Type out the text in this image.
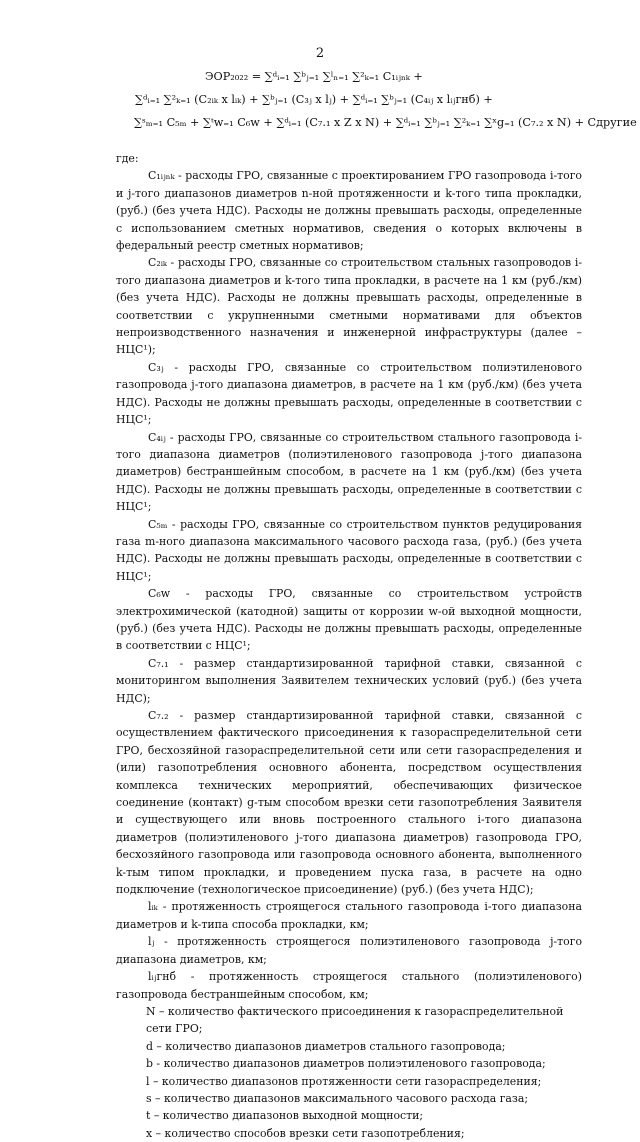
2
ЭОР₂₀₂₂ = ∑ᵈᵢ₌₁ ∑ᵇⱼ₌₁ ∑ˡₙ₌₁ ∑²ₖ₌₁ C₁ᵢⱼₙₖ +
∑ᵈᵢ₌₁ ∑²ₖ₌₁ (C₂ᵢₖ x lᵢₖ) + ∑ᵇⱼ₌₁ (C₃ⱼ x lⱼ) + ∑ᵈᵢ₌₁ ∑ᵇⱼ₌₁ (C₄ᵢⱼ x lᵢⱼгнб) +
∑ˢₘ₌₁ C₅ₘ + ∑ᵗw₌₁ C₆w + ∑ᵈᵢ₌₁ (C₇.₁ x Z x N) + ∑ᵈᵢ₌₁ ∑ᵇⱼ₌₁ ∑²ₖ₌₁ ∑ˣg₌₁ (C₇.₂ x N) + Cдругие

где:

C₁ᵢⱼₙₖ - расходы ГРО, связанные с проектированием ГРО газопровода i-того и j-того диапазонов диаметров n-ной протяженности и k-того типа прокладки, (руб.) (без учета НДС). Расходы не должны превышать расходы, определенные с использованием сметных нормативов, сведения о которых включены в федеральный реестр сметных нормативов;

C₂ᵢₖ - расходы ГРО, связанные со строительством стальных газопроводов i-того диапазона диаметров и k-того типа прокладки, в расчете на 1 км (руб./км) (без учета НДС). Расходы не должны превышать расходы, определенные в соответствии с укрупненными сметными нормативами для объектов непроизводственного назначения и инженерной инфраструктуры (далее – НЦС¹);

C₃ⱼ - расходы ГРО, связанные со строительством полиэтиленового газопровода j-того диапазона диаметров, в расчете на 1 км (руб./км) (без учета НДС). Расходы не должны превышать расходы, определенные в соответствии с НЦС¹;

C₄ᵢⱼ - расходы ГРО, связанные со строительством стального газопровода i-того диапазона диаметров (полиэтиленового газопровода j-того диапазона диаметров) бестраншейным способом, в расчете на 1 км (руб./км) (без учета НДС). Расходы не должны превышать расходы, определенные в соответствии с НЦС¹;

C₅ₘ - расходы ГРО, связанные со строительством пунктов редуцирования газа m-ного диапазона максимального часового расхода газа, (руб.) (без учета НДС). Расходы не должны превышать расходы, определенные в соответствии с НЦС¹;

C₆w - расходы ГРО, связанные со строительством устройств электрохимической (катодной) защиты от коррозии w-ой выходной мощности, (руб.) (без учета НДС). Расходы не должны превышать расходы, определенные в соответствии с НЦС¹;

C₇.₁ - размер стандартизированной тарифной ставки, связанной с мониторингом выполнения Заявителем технических условий (руб.) (без учета НДС);

C₇.₂ - размер стандартизированной тарифной ставки, связанной с осуществлением фактического присоединения к газораспределительной сети ГРО, бесхозяйной газораспределительной сети или сети газораспределения и (или) газопотребления основного абонента, посредством осуществления комплекса технических мероприятий, обеспечивающих физическое соединение (контакт) g-тым способом врезки сети газопотребления Заявителя и существующего или вновь построенного стального i-того диапазона диаметров (полиэтиленового j-того диапазона диаметров) газопровода ГРО, бесхозяйного газопровода или газопровода основного абонента, выполненного k-тым типом прокладки, и проведением пуска газа, в расчете на одно подключение (технологическое присоединение) (руб.) (без учета НДС);

lᵢₖ - протяженность строящегося стального газопровода i-того диапазона диаметров и k-типа способа прокладки, км;

lⱼ - протяженность строящегося полиэтиленового газопровода j-того диапазона диаметров, км;

lᵢⱼгнб - протяженность строящегося стального (полиэтиленового) газопровода бестраншейным способом, км;

N – количество фактического присоединения к газораспределительной сети ГРО;

d – количество диапазонов диаметров стального газопровода;

b - количество диапазонов диаметров полиэтиленового газопровода;

l – количество диапазонов протяженности сети газораспределения;

s – количество диапазонов максимального часового расхода газа;

t – количество диапазонов выходной мощности;

x – количество способов врезки сети газопотребления;
